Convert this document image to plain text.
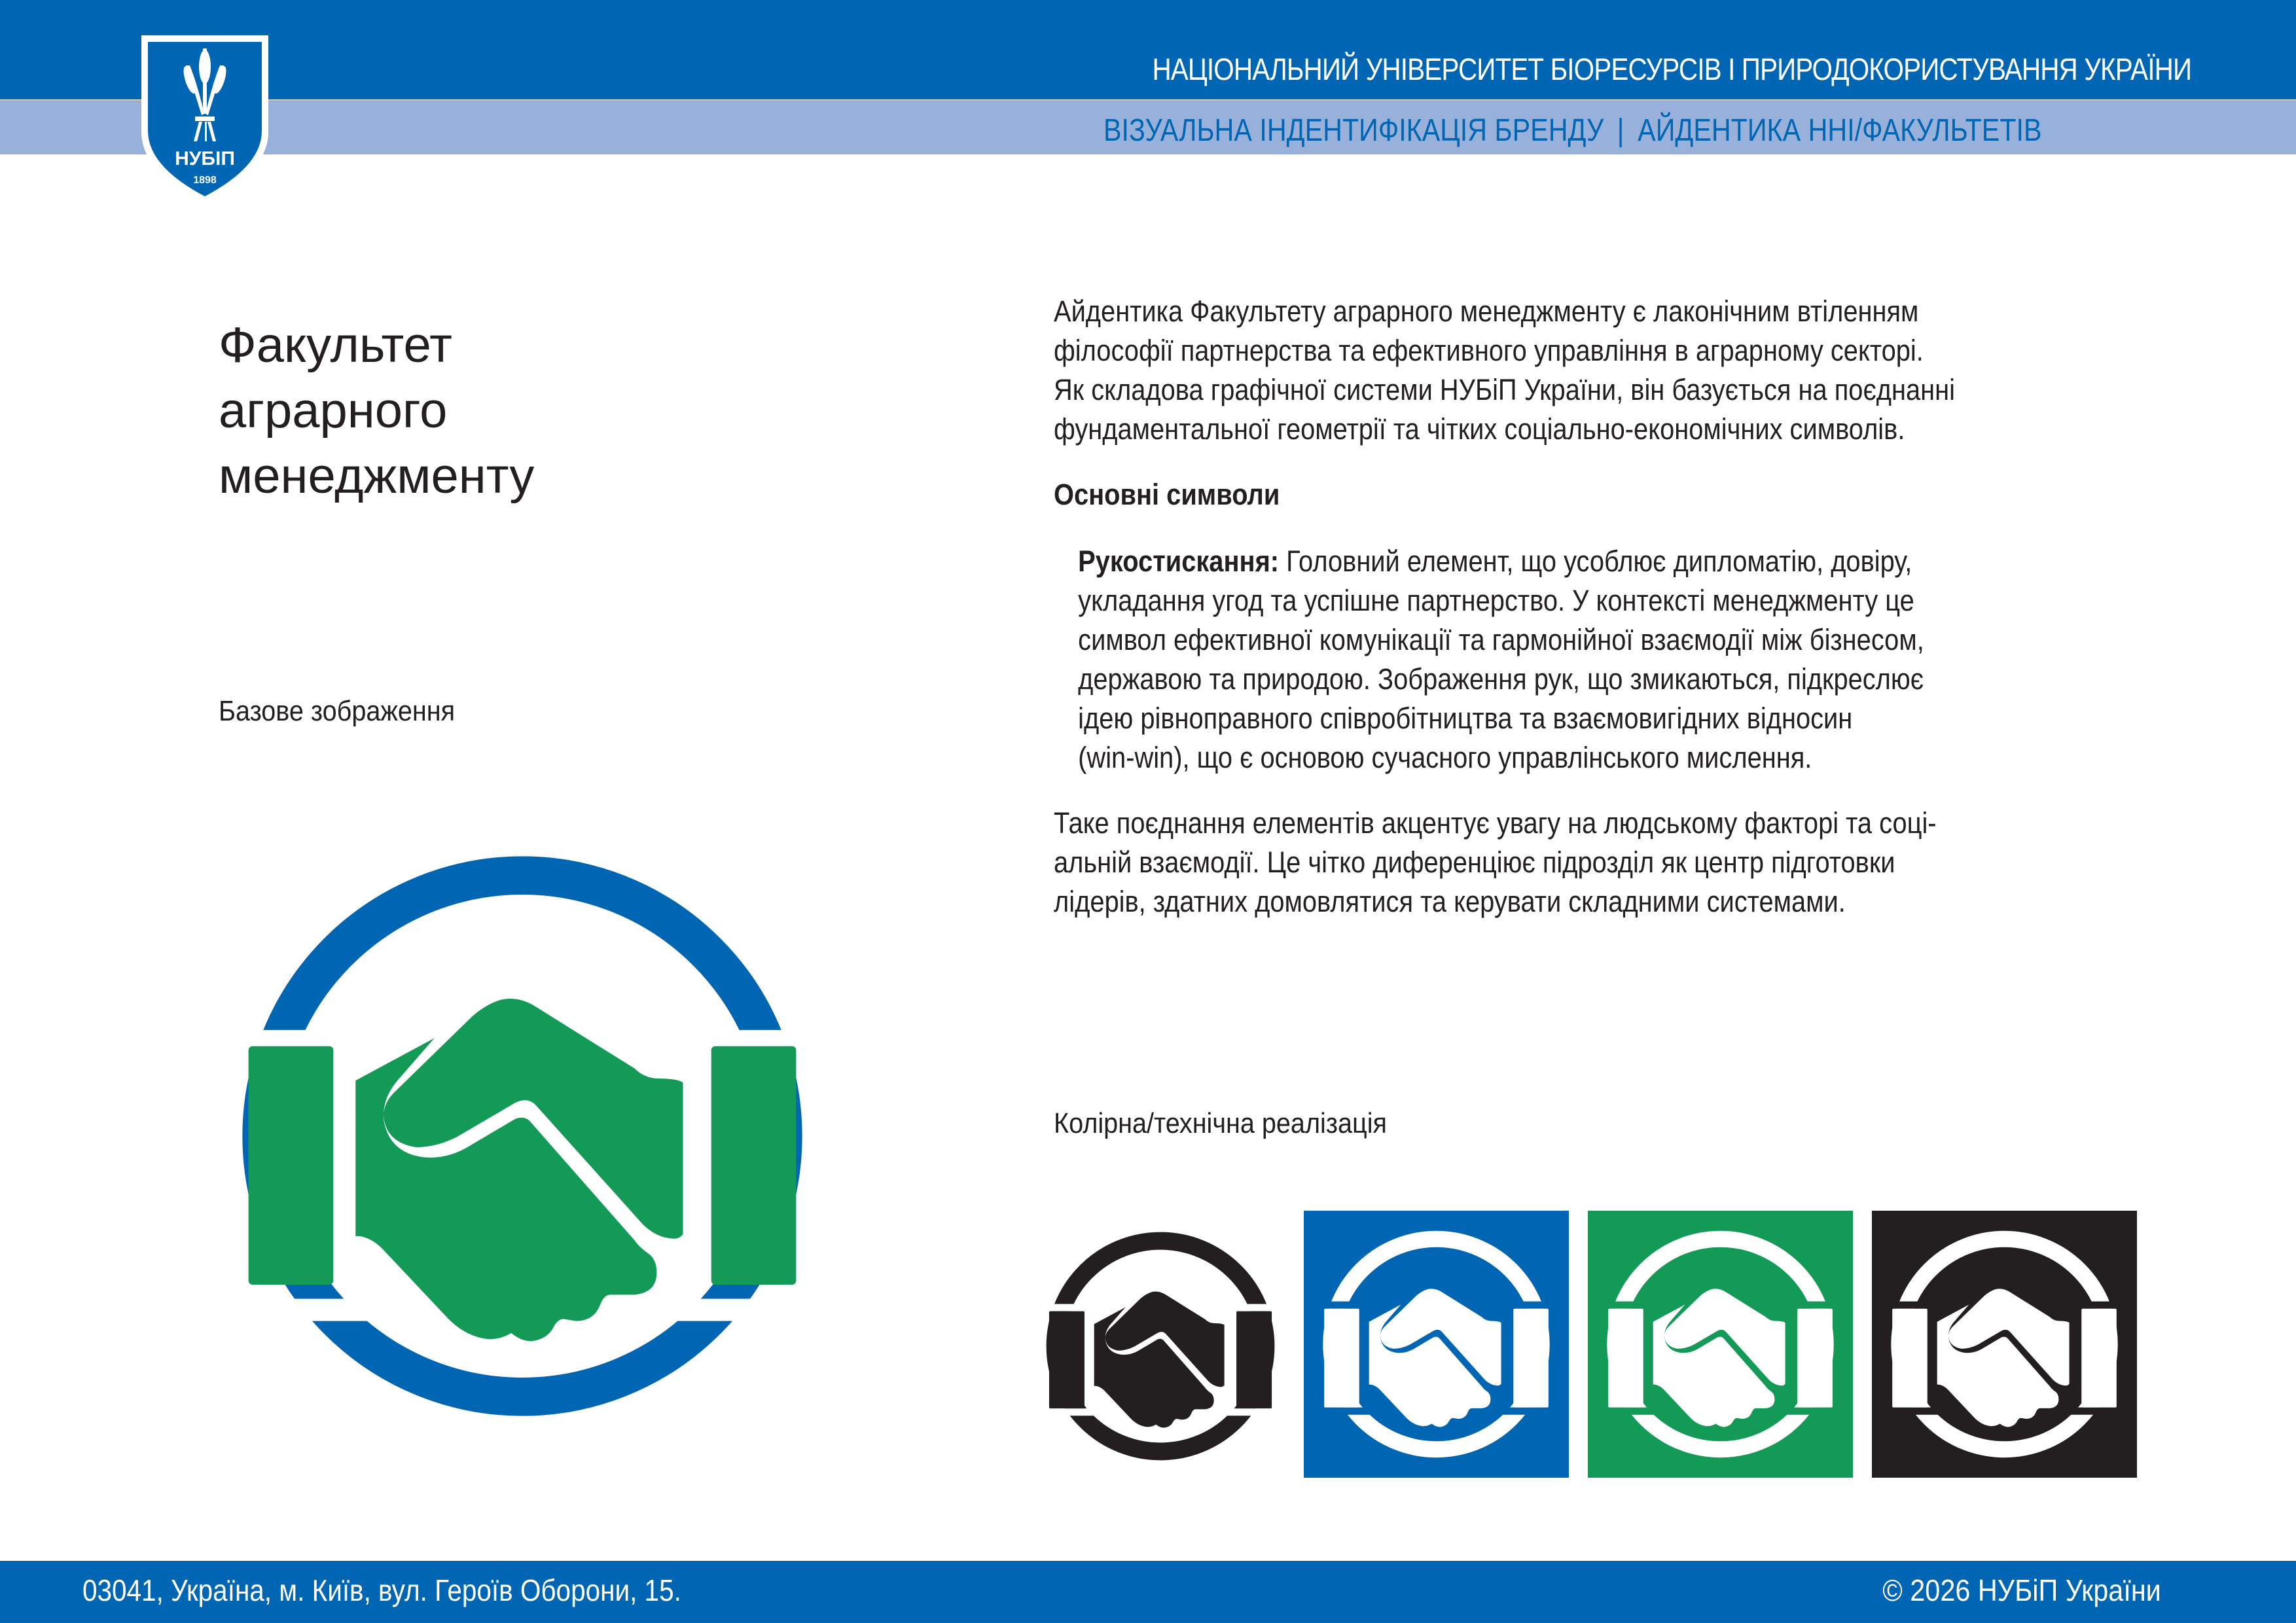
НУБІП
1898
НАЦІОНАЛЬНИЙ УНІВЕРСИТЕТ БІОРЕСУРСІВ І ПРИРОДОКОРИСТУВАННЯ УКРАЇНИ
ВІЗУАЛЬНА ІНДЕНТИФІКАЦІЯ БРЕНДУ | АЙДЕНТИКА ННІ/ФАКУЛЬТЕТІВ
Факультет
аграрного
менеджменту
Базове зображення

Айдентика Факультету аграрного менеджменту є лаконічним втіленням

філософії партнерства та ефективного управління в аграрному секторі.

Як складова графічної системи НУБіП України, він базується на поєднанні

фундаментальної геометрії та чітких соціально-економічних символів.

Основні символи

Рукостискання: Головний елемент, що усоблює дипломатію, довіру,

укладання угод та успішне партнерство. У контексті менеджменту це

символ ефективної комунікації та гармонійної взаємодії між бізнесом,

державою та природою. Зображення рук, що змикаються, підкреслює

ідею рівноправного співробітництва та взаємовигідних відносин

(win-win), що є основою сучасного управлінського мислення.

Таке поєднання елементів акцентує увагу на людському факторі та соці-

альній взаємодії. Це чітко диференціює підрозділ як центр підготовки

лідерів, здатних домовлятися та керувати складними системами.

Колірна/технічна реалізація
03041, Україна, м. Київ, вул. Героїв Оборони, 15.	© 2026 НУБіП України
